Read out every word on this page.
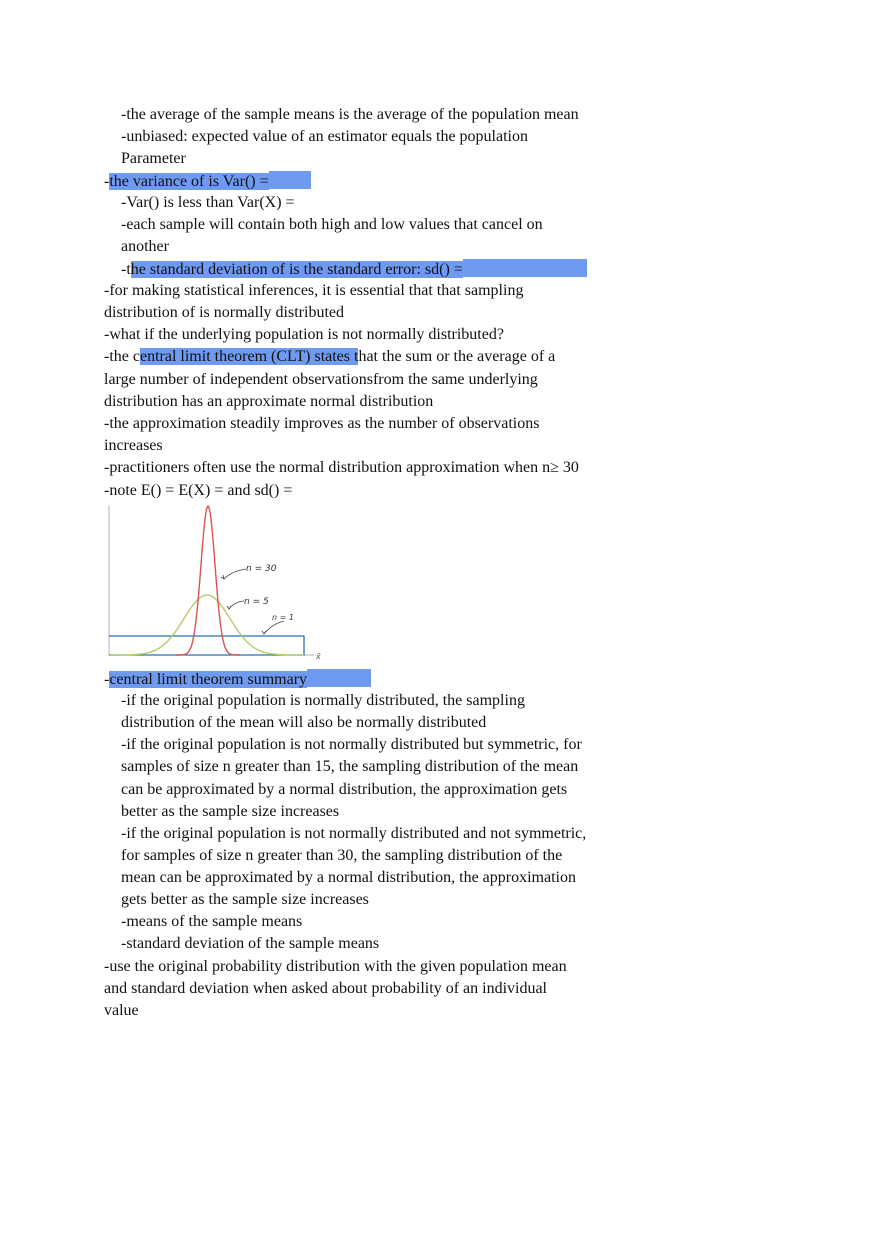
-the average of the sample means is the average of the population mean
-unbiased: expected value of an estimator equals the population
Parameter
-the variance of is Var() =
-Var() is less than Var(X) =
-each sample will contain both high and low values that cancel on
another
-the standard deviation of is the standard error: sd() =
-for making statistical inferences, it is essential that that sampling
distribution of is normally distributed
-what if the underlying population is not normally distributed?
-the central limit theorem (CLT) states that the sum or the average of a
large number of independent observationsfrom the same underlying
distribution has an approximate normal distribution
-the approximation steadily improves as the number of observations
increases
-practitioners often use the normal distribution approximation when n≥ 30
-note E() = E(X) = and sd() =
n = 30
n = 5
n = 1
x̄
-central limit theorem summary
-if the original population is normally distributed, the sampling
distribution of the mean will also be normally distributed
-if the original population is not normally distributed but symmetric, for
samples of size n greater than 15, the sampling distribution of the mean
can be approximated by a normal distribution, the approximation gets
better as the sample size increases
-if the original population is not normally distributed and not symmetric,
for samples of size n greater than 30, the sampling distribution of the
mean can be approximated by a normal distribution, the approximation
gets better as the sample size increases
-means of the sample means
-standard deviation of the sample means
-use the original probability distribution with the given population mean
and standard deviation when asked about probability of an individual
value
